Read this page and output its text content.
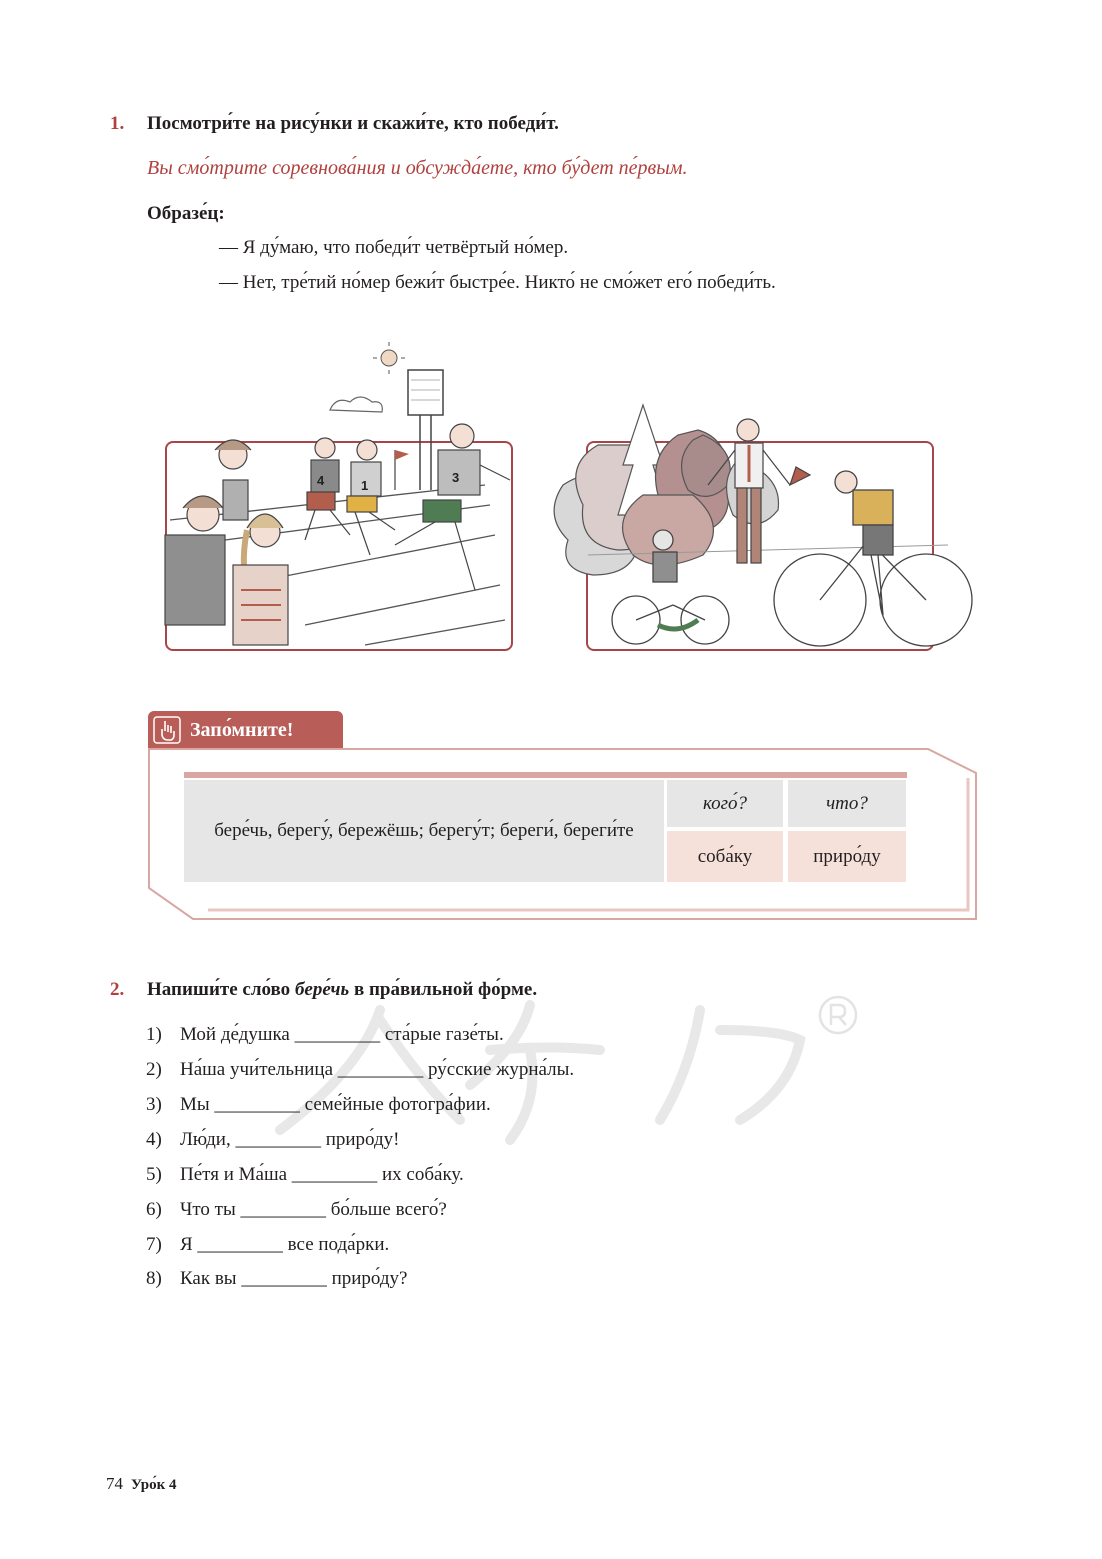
1. Посмотри́те на рису́нки и скажи́те, кто победи́т.
Вы смо́трите соревнова́ния и обсужда́ете, кто бу́дет пе́рвым.
Образе́ц:
— Я ду́маю, что победи́т четвёртый но́мер.
— Нет, тре́тий но́мер бежи́т быстре́е. Никто́ не смо́жет его́ победи́ть.
4	1
3
Запо́мните!
бере́чь, берегу́, бережёшь; берегу́т; береги́, береги́те
кого́?	что?
соба́ку	приро́ду
2. Напиши́те сло́во бере́чь в пра́вильной фо́рме.
1) Мой де́душка _________ ста́рые газе́ты.
2) На́ша учи́тельница _________ ру́сские журна́лы.
3) Мы _________ семе́йные фотогра́фии.
4) Лю́ди, _________ приро́ду!
5) Пе́тя и Ма́ша _________ их соба́ку.
6) Что ты _________ бо́льше всего́?
7) Я _________ все пода́рки.
8) Как вы _________ приро́ду?
74 Уро́к 4
